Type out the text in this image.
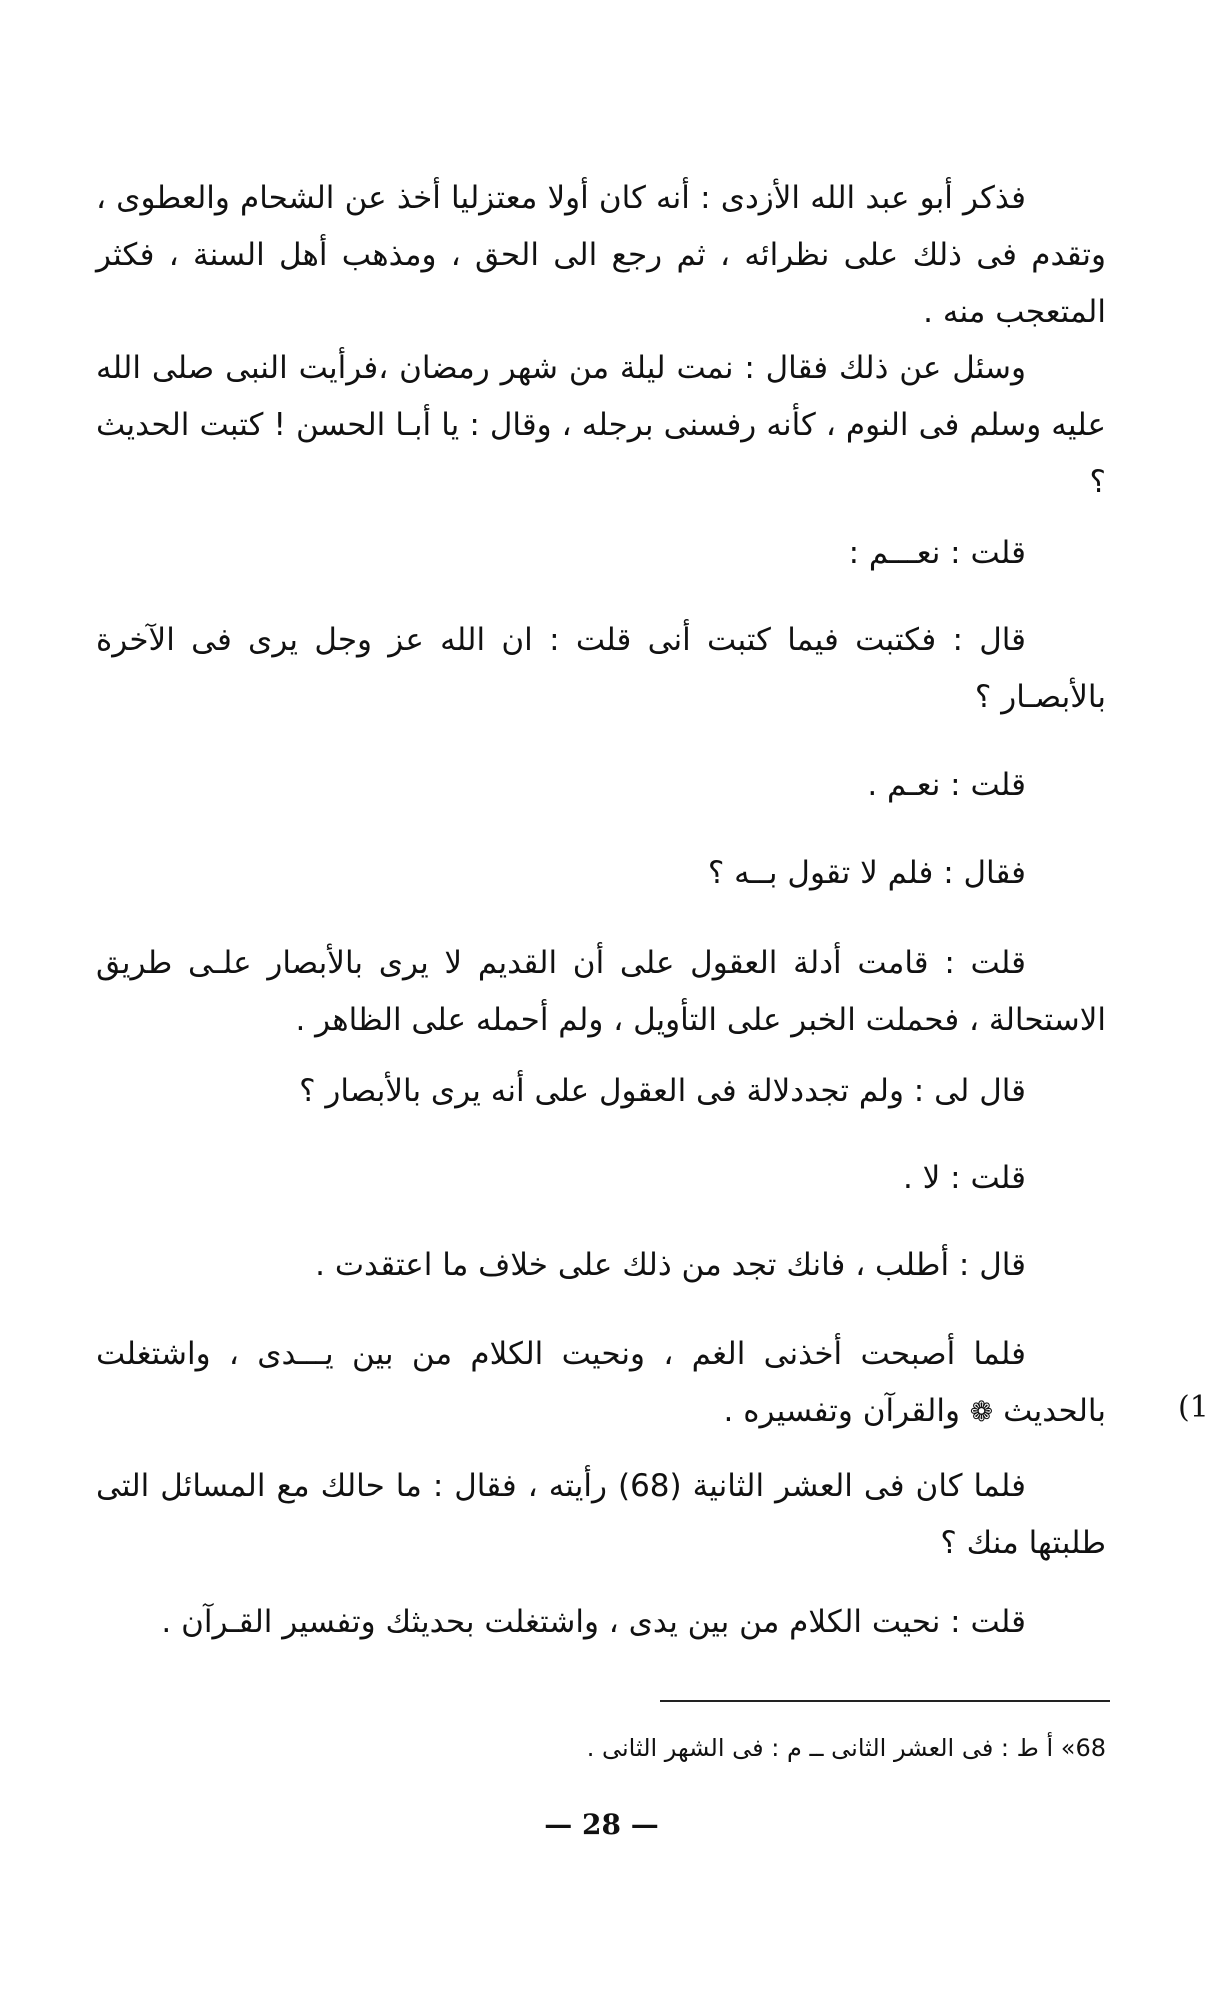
فذكر أبو عبد الله الأزدى : أنه كان أولا معتزليا أخذ عن الشحام والعطوى ، وتقدم فى ذلك على نظرائه ، ثم رجع الى الحق ، ومذهب أهل السنة ، فكثر المتعجب منه .
وسئل عن ذلك فقال : نمت ليلة من شهر رمضان ،فرأيت النبى صلى الله عليه وسلم فى النوم ، كأنه رفسنى برجله ، وقال : يا أبـا الحسن ! كتبت الحديث ؟
قلت : نعـــم :
قال : فكتبت فيما كتبت أنى قلت : ان الله عز وجل يرى فى الآخرة بالأبصـار ؟
قلت : نعـم .
فقال : فلم لا تقول بــه ؟
قلت : قامت أدلة العقول على أن القديم لا يرى بالأبصار علـى طريق الاستحالة ، فحملت الخبر على التأويل ، ولم أحمله على الظاهر .
قال لى : ولم تجددلالة فى العقول على أنه يرى بالأبصار ؟
قلت : لا .
قال : أطلب ، فانك تجد من ذلك على خلاف ما اعتقدت .
فلما أصبحت أخذنى الغم ، ونحيت الكلام من بين يـــدى ، واشتغلت بالحديث ❁ والقرآن وتفسيره .	(1
فلما كان فى العشر الثانية (68) رأيته ، فقال : ما حالك مع المسائل التى طلبتها منك ؟
قلت : نحيت الكلام من بين يدى ، واشتغلت بحديثك وتفسير القـرآن .
68» أ ط : فى العشر الثانى ــ م : فى الشهر الثانى .
— 28 —
